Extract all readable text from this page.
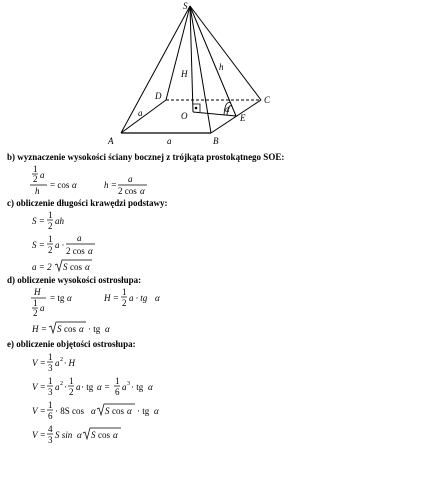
S
H
h
α
D	C
a	O	E
A	B
a
b) wyznaczenie wysokości ściany bocznej z trójkąta prostokątnego SOE:
1
2 a
h
= cos α	h =
a
2 cos α
c) obliczenie długości krawędzi podstawy:
S =
1
2 ah
S =
1
2 a ·
a
2 cos α
a = 2 S cos α
d) obliczenie wysokości ostrosłupa:
H
1
2 a
= tg α	H =
1
2 a · tg α
H = S cos α · tg α
e) obliczenie objętości ostrosłupa:
V =
1
3 a 2 · H
V =
1
3 a 2 ·
1
2 a · tg α =
1
6 a 3 · tg α
V =
1
6 · 8S cos α S cos α · tg α
V =
4
3 S sin α S cos α
